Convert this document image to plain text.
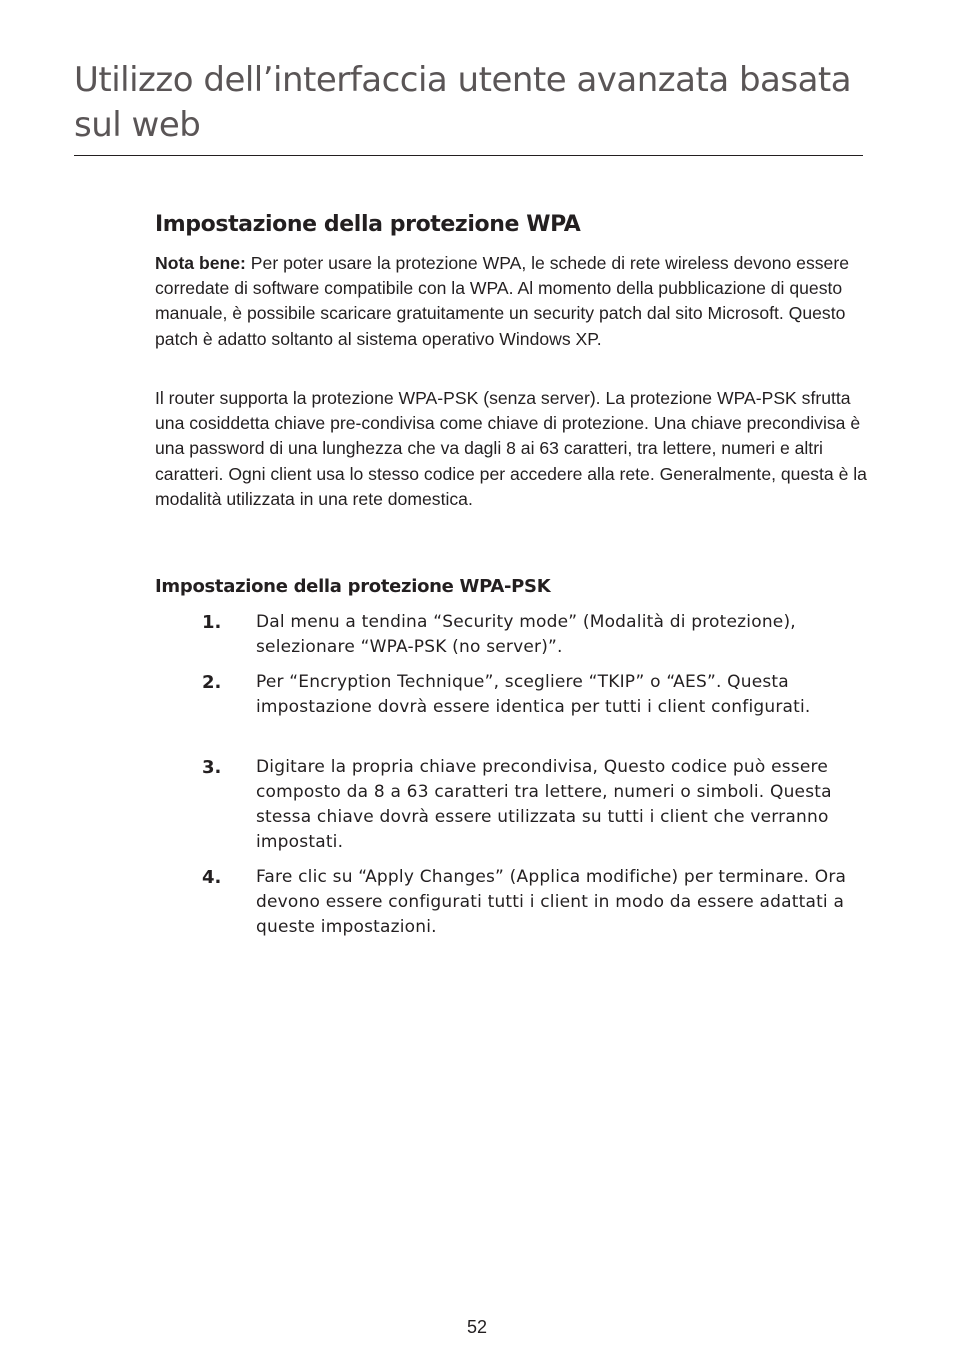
Utilizzo dell’interfaccia utente avanzata basata sul web
Impostazione della protezione WPA

Nota bene: Per poter usare la protezione WPA, le schede di rete wireless devono essere corredate di software compatibile con la WPA. Al momento della pubblicazione di questo manuale, è possibile scaricare gratuitamente un security patch dal sito Microsoft. Questo patch è adatto soltanto al sistema operativo Windows XP.

Il router supporta la protezione WPA-PSK (senza server). La protezione WPA-PSK sfrutta una cosiddetta chiave pre-condivisa come chiave di protezione. Una chiave precondivisa è una password di una lunghezza che va dagli 8 ai 63 caratteri, tra lettere, numeri e altri caratteri. Ogni client usa lo stesso codice per accedere alla rete. Generalmente, questa è la modalità utilizzata in una rete domestica.

Impostazione della protezione WPA-PSK
1. Dal menu a tendina “Security mode” (Modalità di protezione), selezionare “WPA-PSK (no server)”.
2. Per “Encryption Technique”, scegliere “TKIP” o “AES”. Questa impostazione dovrà essere identica per tutti i client configurati.
3. Digitare la propria chiave precondivisa, Questo codice può essere composto da 8 a 63 caratteri tra lettere, numeri o simboli. Questa stessa chiave dovrà essere utilizzata su tutti i client che verranno impostati.
4. Fare clic su “Apply Changes” (Applica modifiche) per terminare. Ora devono essere configurati tutti i client in modo da essere adattati a queste impostazioni.
52
